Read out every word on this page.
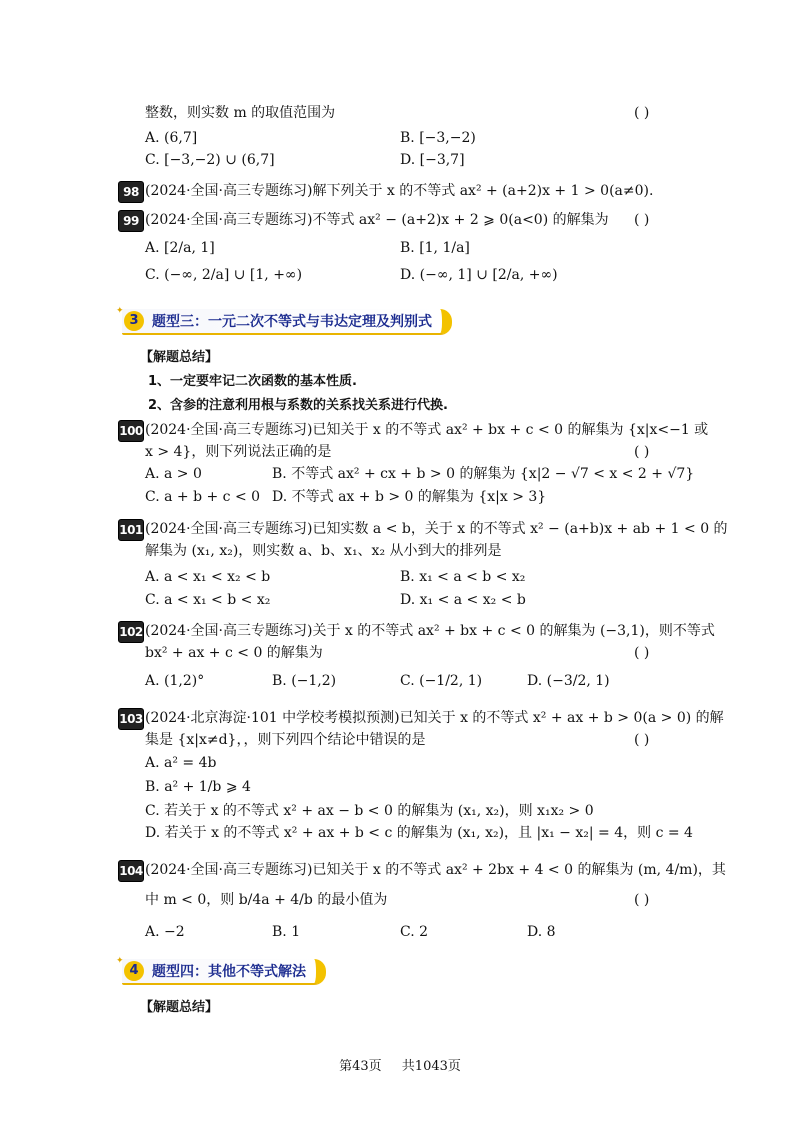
整数，则实数 m 的取值范围为	( )
A. (6,7]	B. [−3,−2)
C. [−3,−2) ∪ (6,7]	D. [−3,7]
98 (2024·全国·高三专题练习)解下列关于 x 的不等式 ax² + (a+2)x + 1 > 0(a≠0).
99 (2024·全国·高三专题练习)不等式 ax² − (a+2)x + 2 ⩾ 0(a<0) 的解集为 ( )
A. [2/a, 1]	B. [1, 1/a]
C. (−∞, 2/a] ∪ [1, +∞)	D. (−∞, 1] ∪ [2/a, +∞)
3 ✦ 题型三：一元二次不等式与韦达定理及判别式
【解题总结】
1、一定要牢记二次函数的基本性质.
2、含参的注意利用根与系数的关系找关系进行代换.
100 (2024·全国·高三专题练习)已知关于 x 的不等式 ax² + bx + c < 0 的解集为 {x|x<−1 或
x > 4}，则下列说法正确的是	( )
A. a > 0	B. 不等式 ax² + cx + b > 0 的解集为 {x|2 − √7 < x < 2 + √7}
C. a + b + c < 0 D. 不等式 ax + b > 0 的解集为 {x|x > 3}
101 (2024·全国·高三专题练习)已知实数 a < b，关于 x 的不等式 x² − (a+b)x + ab + 1 < 0 的
解集为 (x₁, x₂)，则实数 a、b、x₁、x₂ 从小到大的排列是
A. a < x₁ < x₂ < b	B. x₁ < a < b < x₂
C. a < x₁ < b < x₂	D. x₁ < a < x₂ < b
102 (2024·全国·高三专题练习)关于 x 的不等式 ax² + bx + c < 0 的解集为 (−3,1)，则不等式
bx² + ax + c < 0 的解集为	( )
A. (1,2)°	B. (−1,2)	C. (−1/2, 1)	D. (−3/2, 1)
103 (2024·北京海淀·101 中学校考模拟预测)已知关于 x 的不等式 x² + ax + b > 0(a > 0) 的解
集是 {x|x≠d}，，则下列四个结论中错误的是	( )
A. a² = 4b
B. a² + 1/b ⩾ 4
C. 若关于 x 的不等式 x² + ax − b < 0 的解集为 (x₁, x₂)，则 x₁x₂ > 0
D. 若关于 x 的不等式 x² + ax + b < c 的解集为 (x₁, x₂)，且 |x₁ − x₂| = 4，则 c = 4
104 (2024·全国·高三专题练习)已知关于 x 的不等式 ax² + 2bx + 4 < 0 的解集为 (m, 4/m)，其
中 m < 0，则 b/4a + 4/b 的最小值为	( )
A. −2	B. 1	C. 2	D. 8
4 ✦ 题型四：其他不等式解法
【解题总结】
第43页 共1043页
